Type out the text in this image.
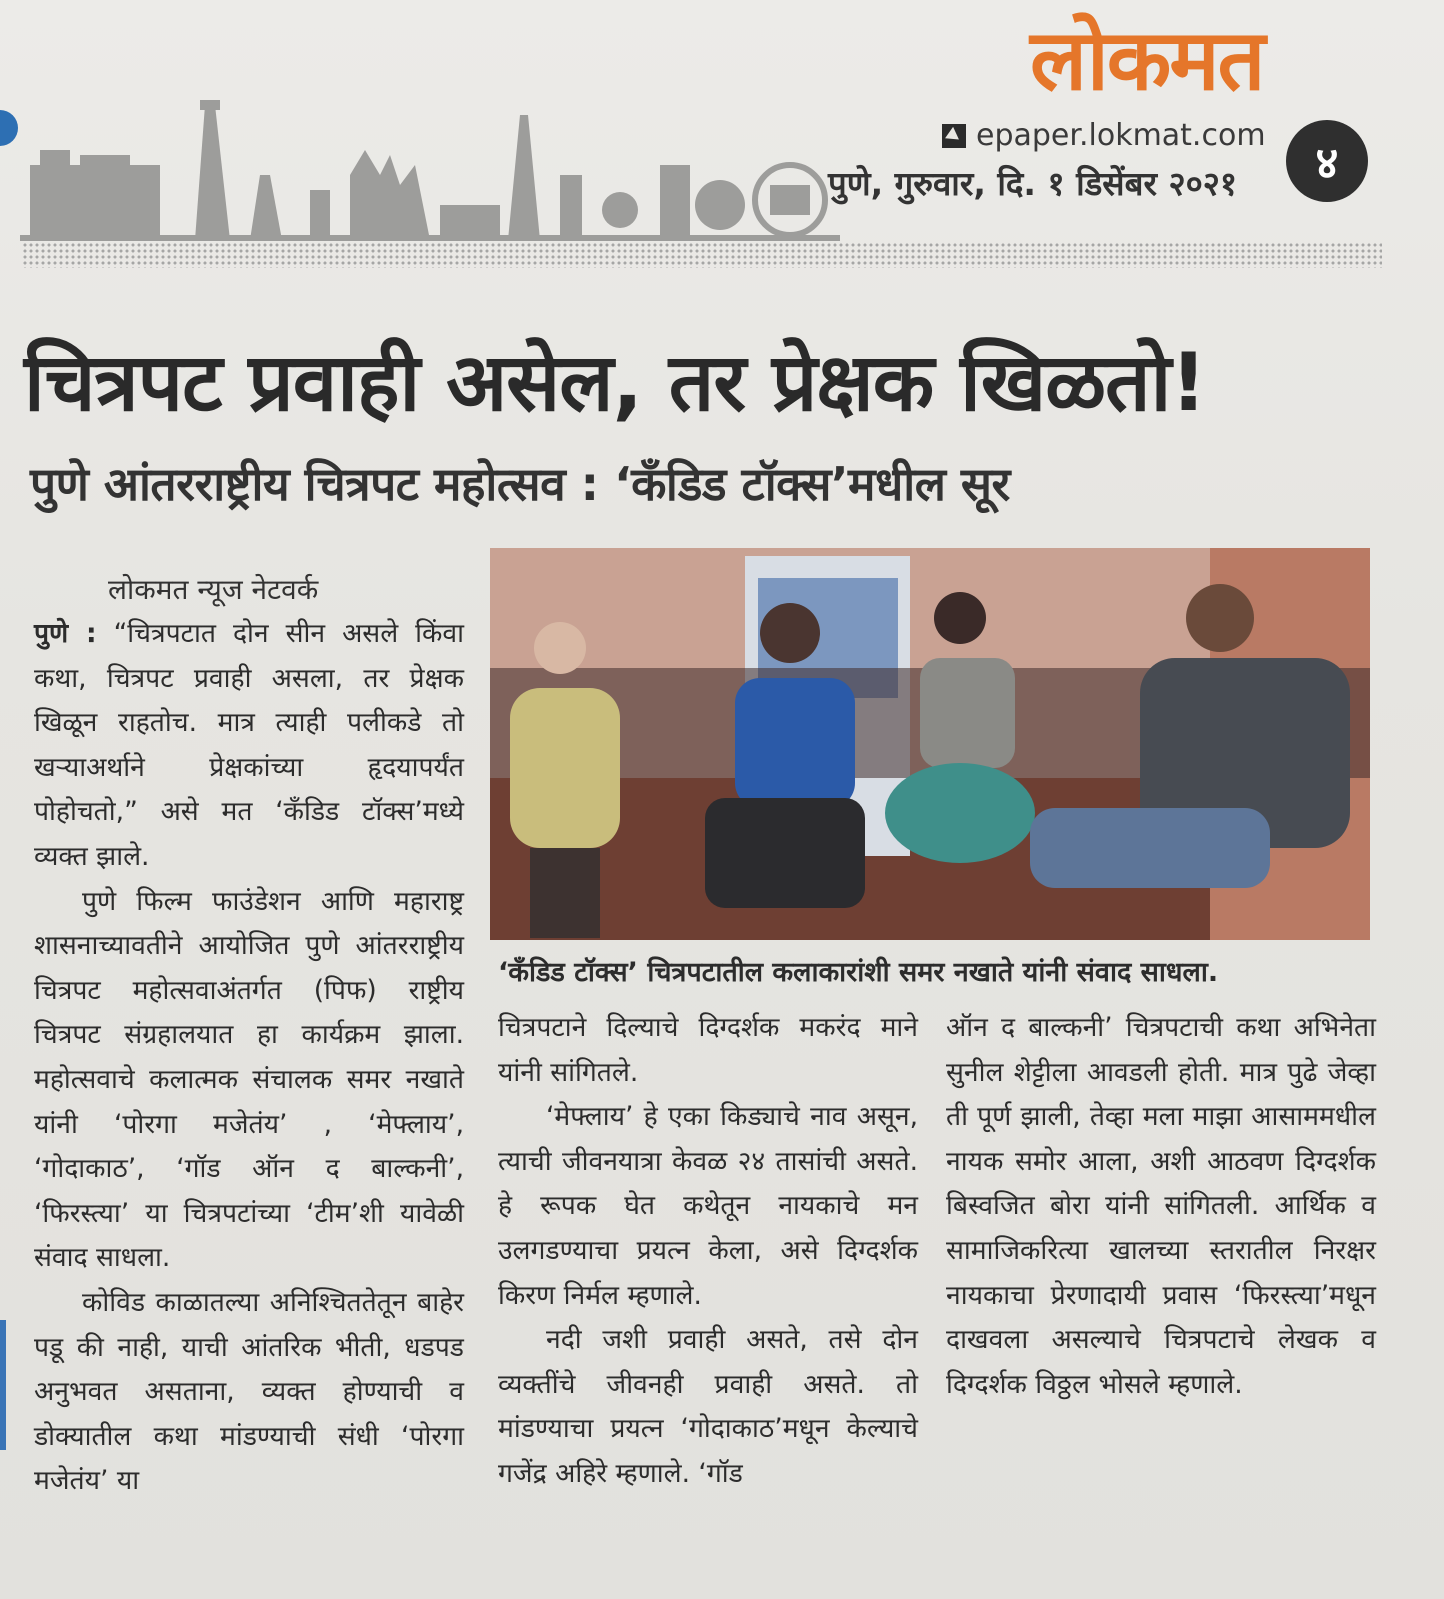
लोकमत
epaper.lokmat.com
४
पुणे, गुरुवार, दि. १ डिसेंबर २०२१
चित्रपट प्रवाही असेल, तर प्रेक्षक खिळतो!
पुणे आंतरराष्ट्रीय चित्रपट महोत्सव : ‘कँडिड टॉक्स’मधील सूर
लोकमत न्यूज नेटवर्क

पुणे : “चित्रपटात दोन सीन असले किंवा कथा, चित्रपट प्रवाही असला, तर प्रेक्षक खिळून राहतोच. मात्र त्याही पलीकडे तो खऱ्याअर्थाने प्रेक्षकांच्या हृदयापर्यंत पोहोचतो,” असे मत ‘कँडिड टॉक्स’मध्ये व्यक्त झाले.

पुणे फिल्म फाउंडेशन आणि महाराष्ट्र शासनाच्यावतीने आयोजित पुणे आंतरराष्ट्रीय चित्रपट महोत्सवाअंतर्गत (पिफ) राष्ट्रीय चित्रपट संग्रहालयात हा कार्यक्रम झाला. महोत्सवाचे कलात्मक संचालक समर नखाते यांनी ‘पोरगा मजेतंय’ , ‘मेफ्लाय’, ‘गोदाकाठ’, ‘गॉड ऑन द बाल्कनी’, ‘फिरस्त्या’ या चित्रपटांच्या ‘टीम’शी यावेळी संवाद साधला.

कोविड काळातल्या अनिश्चिततेतून बाहेर पडू की नाही, याची आंतरिक भीती, धडपड अनुभवत असताना, व्यक्त होण्याची व डोक्यातील कथा मांडण्याची संधी ‘पोरगा मजेतंय’ या

‘कँडिड टॉक्स’ चित्रपटातील कलाकारांशी समर नखाते यांनी संवाद साधला.

चित्रपटाने दिल्याचे दिग्दर्शक मकरंद माने यांनी सांगितले.

‘मेफ्लाय’ हे एका किड्याचे नाव असून, त्याची जीवनयात्रा केवळ २४ तासांची असते. हे रूपक घेत कथेतून नायकाचे मन उलगडण्याचा प्रयत्न केला, असे दिग्दर्शक किरण निर्मल म्हणाले.

नदी जशी प्रवाही असते, तसे दोन व्यक्तींचे जीवनही प्रवाही असते. तो मांडण्याचा प्रयत्न ‘गोदाकाठ’मधून केल्याचे गजेंद्र अहिरे म्हणाले. ‘गॉड

ऑन द बाल्कनी’ चित्रपटाची कथा अभिनेता सुनील शेट्टीला आवडली होती. मात्र पुढे जेव्हा ती पूर्ण झाली, तेव्हा मला माझा आसाममधील नायक समोर आला, अशी आठवण दिग्दर्शक बिस्वजित बोरा यांनी सांगितली. आर्थिक व सामाजिकरित्या खालच्या स्तरातील निरक्षर नायकाचा प्रेरणादायी प्रवास ‘फिरस्त्या’मधून दाखवला असल्याचे चित्रपटाचे लेखक व दिग्दर्शक विठ्ठल भोसले म्हणाले.
